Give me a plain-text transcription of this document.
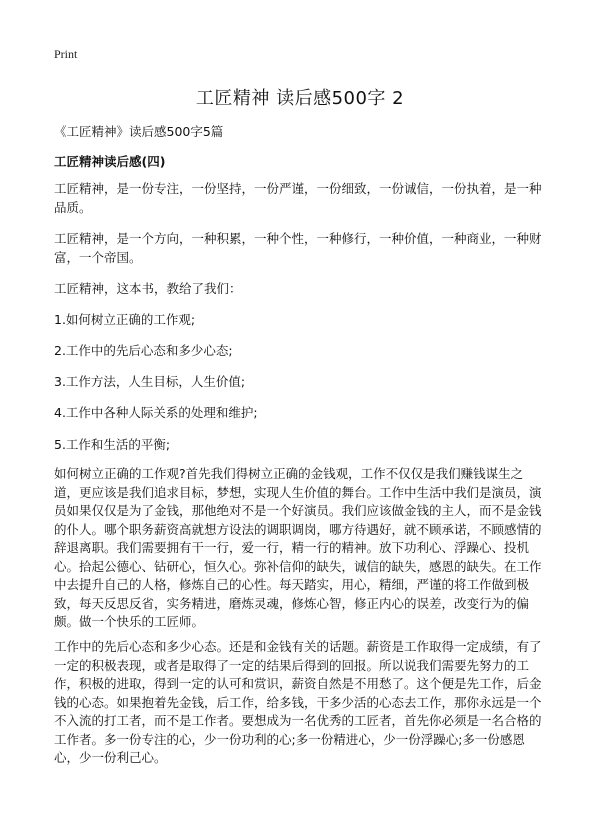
Print
工匠精神 读后感500字 2
《工匠精神》读后感500字5篇
工匠精神读后感(四)

工匠精神，是一份专注，一份坚持，一份严谨，一份细致，一份诚信，一份执着，是一种品质。

工匠精神，是一个方向，一种积累，一种个性，一种修行，一种价值，一种商业，一种财富，一个帝国。

工匠精神，这本书，教给了我们：

1.如何树立正确的工作观;

2.工作中的先后心态和多少心态;

3.工作方法，人生目标，人生价值;

4.工作中各种人际关系的处理和维护;

5.工作和生活的平衡;

如何树立正确的工作观?首先我们得树立正确的金钱观，工作不仅仅是我们赚钱谋生之道，更应该是我们追求目标，梦想，实现人生价值的舞台。工作中生活中我们是演员，演员如果仅仅是为了金钱，那他绝对不是一个好演员。我们应该做金钱的主人，而不是金钱的仆人。哪个职务薪资高就想方设法的调职调岗，哪方待遇好，就不顾承诺，不顾感情的辞退离职。我们需要拥有干一行，爱一行，精一行的精神。放下功利心、浮躁心、投机心。拾起公德心、钻研心，恒久心。弥补信仰的缺失，诚信的缺失，感恩的缺失。在工作中去提升自己的人格，修炼自己的心性。每天踏实，用心，精细，严谨的将工作做到极致，每天反思反省，实务精进，磨炼灵魂，修炼心智，修正内心的误差，改变行为的偏颇。做一个快乐的工匠师。

工作中的先后心态和多少心态。还是和金钱有关的话题。薪资是工作取得一定成绩，有了一定的积极表现，或者是取得了一定的结果后得到的回报。所以说我们需要先努力的工作，积极的进取，得到一定的认可和赏识，薪资自然是不用愁了。这个便是先工作，后金钱的心态。如果抱着先金钱，后工作，给多钱，干多少活的心态去工作，那你永远是一个不入流的打工者，而不是工作者。要想成为一名优秀的工匠者，首先你必须是一名合格的工作者。多一份专注的心，少一份功利的心;多一份精进心，少一份浮躁心;多一份感恩心，少一份利己心。
